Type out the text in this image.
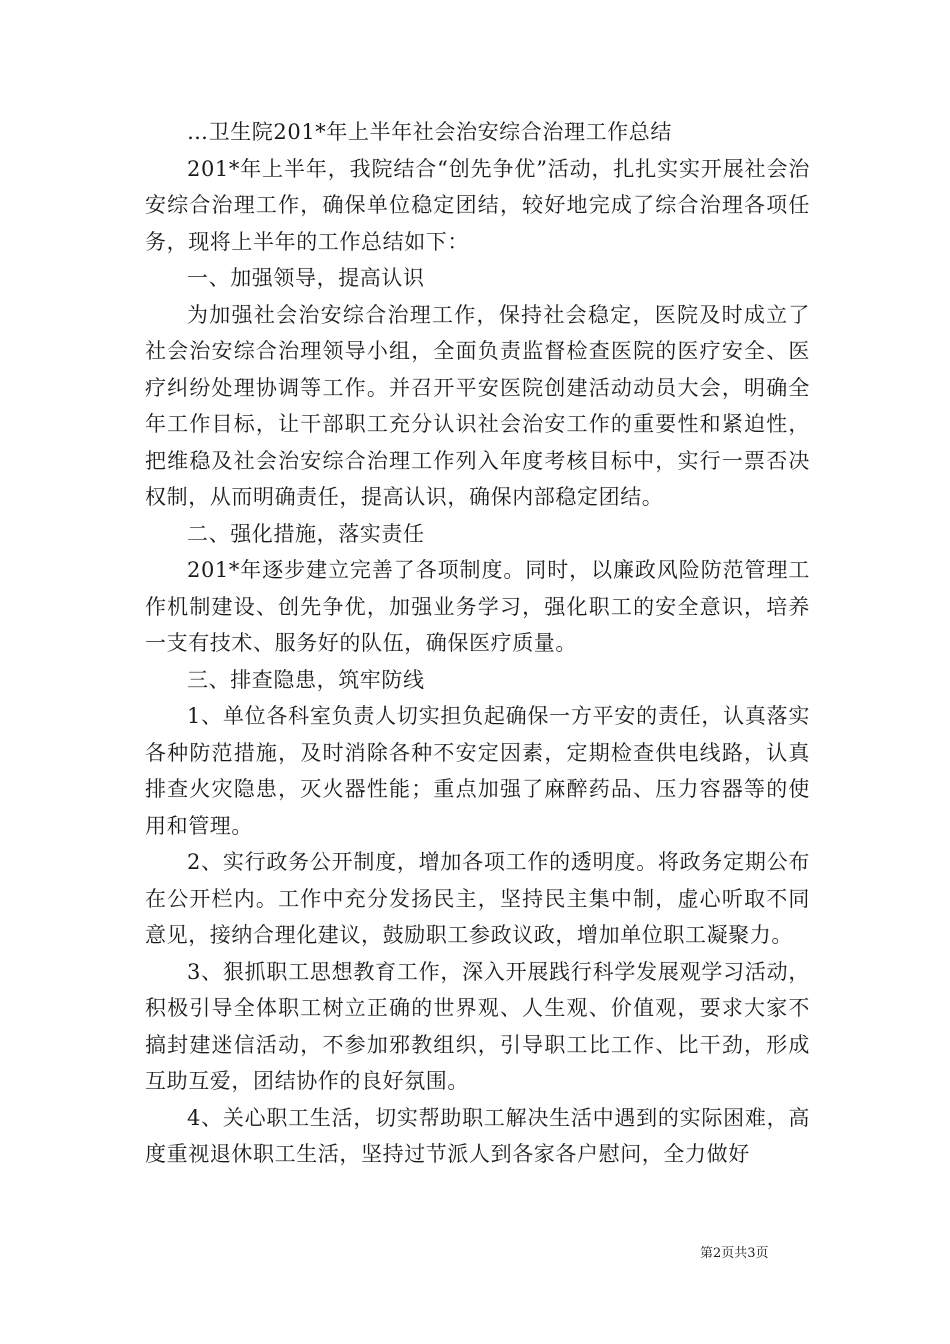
…卫生院201*年上半年社会治安综合治理工作总结

201*年上半年，我院结合“创先争优”活动，扎扎实实开展社会治安综合治理工作，确保单位稳定团结，较好地完成了综合治理各项任务，现将上半年的工作总结如下：

一、加强领导，提高认识

为加强社会治安综合治理工作，保持社会稳定，医院及时成立了社会治安综合治理领导小组，全面负责监督检查医院的医疗安全、医疗纠纷处理协调等工作。并召开平安医院创建活动动员大会，明确全年工作目标，让干部职工充分认识社会治安工作的重要性和紧迫性，把维稳及社会治安综合治理工作列入年度考核目标中，实行一票否决权制，从而明确责任，提高认识，确保内部稳定团结。

二、强化措施，落实责任

201*年逐步建立完善了各项制度。同时，以廉政风险防范管理工作机制建设、创先争优，加强业务学习，强化职工的安全意识，培养一支有技术、服务好的队伍，确保医疗质量。

三、排查隐患，筑牢防线

1、单位各科室负责人切实担负起确保一方平安的责任，认真落实各种防范措施，及时消除各种不安定因素，定期检查供电线路，认真排查火灾隐患，灭火器性能；重点加强了麻醉药品、压力容器等的使用和管理。

2、实行政务公开制度，增加各项工作的透明度。将政务定期公布在公开栏内。工作中充分发扬民主，坚持民主集中制，虚心听取不同意见，接纳合理化建议，鼓励职工参政议政，增加单位职工凝聚力。

3、狠抓职工思想教育工作，深入开展践行科学发展观学习活动，积极引导全体职工树立正确的世界观、人生观、价值观，要求大家不搞封建迷信活动，不参加邪教组织，引导职工比工作、比干劲，形成互助互爱，团结协作的良好氛围。

4、关心职工生活，切实帮助职工解决生活中遇到的实际困难，高度重视退休职工生活，坚持过节派人到各家各户慰问，全力做好

第2页共3页
